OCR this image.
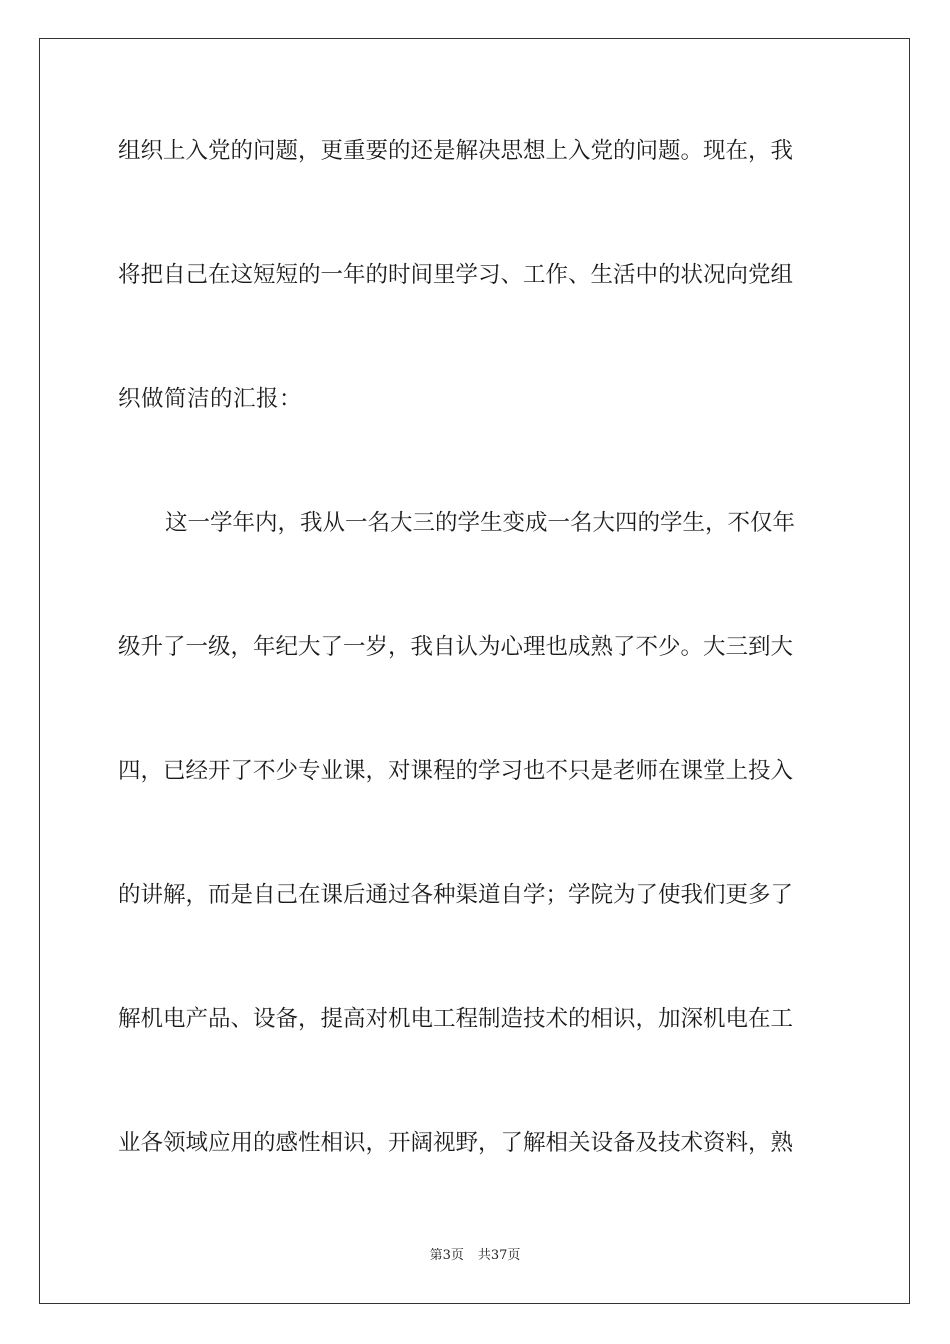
组织上入党的问题，更重要的还是解决思想上入党的问题。现在，我
将把自己在这短短的一年的时间里学习、工作、生活中的状况向党组
织做简洁的汇报：
这一学年内，我从一名大三的学生变成一名大四的学生，不仅年
级升了一级，年纪大了一岁，我自认为心理也成熟了不少。大三到大
四，已经开了不少专业课，对课程的学习也不只是老师在课堂上投入
的讲解，而是自己在课后通过各种渠道自学；学院为了使我们更多了
解机电产品、设备，提高对机电工程制造技术的相识，加深机电在工
业各领域应用的感性相识，开阔视野，了解相关设备及技术资料，熟
第3页 共37页
